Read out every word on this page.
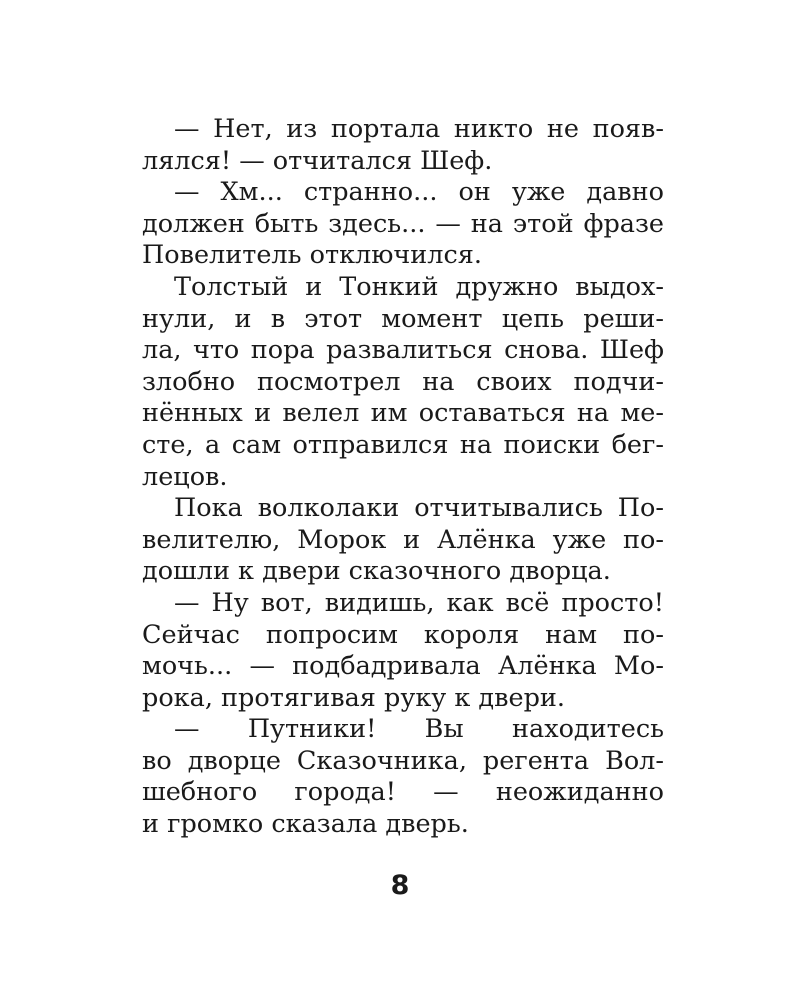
— Нет, из портала никто не появ-
лялся! — отчитался Шеф.
— Хм... странно... он уже давно
должен быть здесь... — на этой фразе
Повелитель отключился.
Толстый и Тонкий дружно выдох-
нули, и в этот момент цепь реши-
ла, что пора развалиться снова. Шеф
злобно посмотрел на своих подчи-
нённых и велел им оставаться на ме-
сте, а сам отправился на поиски бег-
лецов.
Пока волколаки отчитывались По-
велителю, Морок и Алёнка уже по-
дошли к двери сказочного дворца.
— Ну вот, видишь, как всё просто!
Сейчас попросим короля нам по-
мочь... — подбадривала Алёнка Мо-
рока, протягивая руку к двери.
— Путники! Вы находитесь
во дворце Сказочника, регента Вол-
шебного города! — неожиданно
и громко сказала дверь.
8
